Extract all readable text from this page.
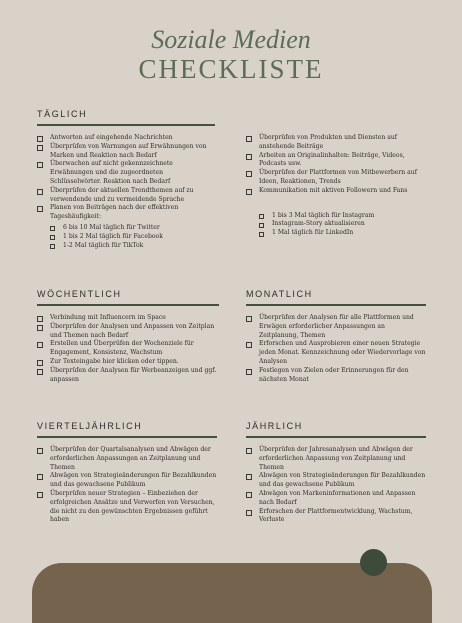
Soziale Medien
CHECKLISTE
TÄGLICH
Antworten auf eingehende Nachrichten
Überprüfen von Warnungen auf Erwähnungen von Marken und Reaktion nach Bedarf
Überwachen auf nicht gekennzeichnete Erwähnungen und die zugeordneten Schlüsselwörter. Reaktion nach Bedarf
Überprüfen der aktuellen Trendthemen auf zu verwendende und zu vermeidende Sprache
Planen von Beiträgen nach der effektiven Tageshäufigkeit:
6 bis 10 Mal täglich für Twitter
1 bis 2 Mal täglich für Facebook
1-2 Mal täglich für TikTok
Überprüfen von Produkten und Diensten auf anstehende Beiträge
Arbeiten an Originalinhalten: Beiträge, Videos, Podcasts usw.
Überprüfen der Plattformen von Mitbewerbern auf Ideen, Reaktionen, Trends
Kommunikation mit aktiven Followern und Fans
1 bis 3 Mal täglich für Instagram
Instagram-Story aktualisieren
1 Mal täglich für LinkedIn
WÖCHENTLICH
Verbindung mit Influencern im Space
Überprüfen der Analysen und Anpassen von Zeitplan und Themen nach Bedarf
Erstellen und Überprüfen der Wochenziele für Engagement, Konsistenz, Wachstum
Zur Texteingabe hier klicken oder tippen.
Überprüfen der Analysen für Werbeanzeigen und ggf. anpassen
MONATLICH
Überprüfen der Analysen für alle Plattformen und Erwägen erforderlicher Anpassungen an Zeitplanung, Themen
Erforschen und Ausprobieren einer neuen Strategie jeden Monat. Kennzeichnung oder Wiedervorlage von Analysen
Festlegen von Zielen oder Erinnerungen für den nächsten Monat
VIERTELJÄHRLICH
Überprüfen der Quartalsanalysen und Abwägen der erforderlichen Anpassungen an Zeitplanung und Themen
Abwägen von Strategieänderungen für Bezahlkunden und das gewachsene Publikum
Überprüfen neuer Strategien – Einbeziehen der erfolgreichen Ansätze und Verwerfen von Versuchen, die nicht zu den gewünschten Ergebnissen geführt haben
JÄHRLICH
Überprüfen der Jahresanalysen und Abwägen der erforderlichen Anpassung von Zeitplanung und Themen
Abwägen von Strategieänderungen für Bezahlkunden und das gewachsene Publikum
Abwägen von Markeninformationen und Anpassen nach Bedarf
Erforschen der Plattformentwicklung, Wachstum, Verluste
